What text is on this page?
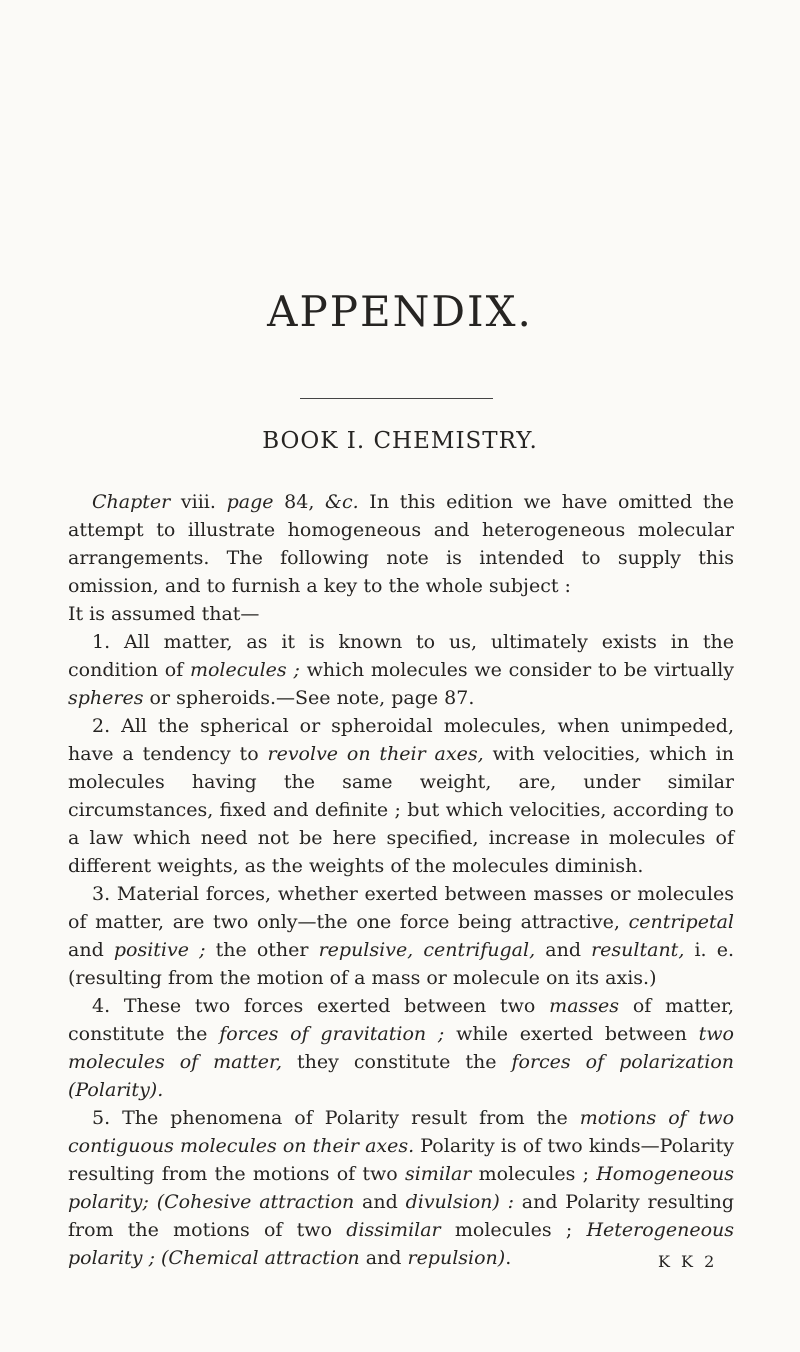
APPENDIX.
BOOK I. CHEMISTRY.

Chapter viii. page 84, &c. In this edition we have omitted the attempt to illustrate homogeneous and heterogeneous molecular arrangements. The following note is intended to supply this omission, and to furnish a key to the whole subject :

It is assumed that—

1. All matter, as it is known to us, ultimately exists in the condition of molecules ; which molecules we consider to be virtually spheres or spheroids.—See note, page 87.

2. All the spherical or spheroidal molecules, when unimpeded, have a tendency to revolve on their axes, with velocities, which in molecules having the same weight, are, under similar circumstances, fixed and definite ; but which velocities, according to a law which need not be here specified, increase in molecules of different weights, as the weights of the molecules diminish.

3. Material forces, whether exerted between masses or molecules of matter, are two only—the one force being attractive, centripetal and positive ; the other repulsive, centrifugal, and resultant, i. e. (resulting from the motion of a mass or molecule on its axis.)

4. These two forces exerted between two masses of matter, constitute the forces of gravitation ; while exerted between two molecules of matter, they constitute the forces of polarization (Polarity).

5. The phenomena of Polarity result from the motions of two contiguous molecules on their axes. Polarity is of two kinds—Polarity resulting from the motions of two similar molecules ; Homogeneous polarity; (Cohesive attraction and divulsion) : and Polarity resulting from the motions of two dissimilar molecules ; Heterogeneous polarity ; (Chemical attraction and repulsion).	K K 2
